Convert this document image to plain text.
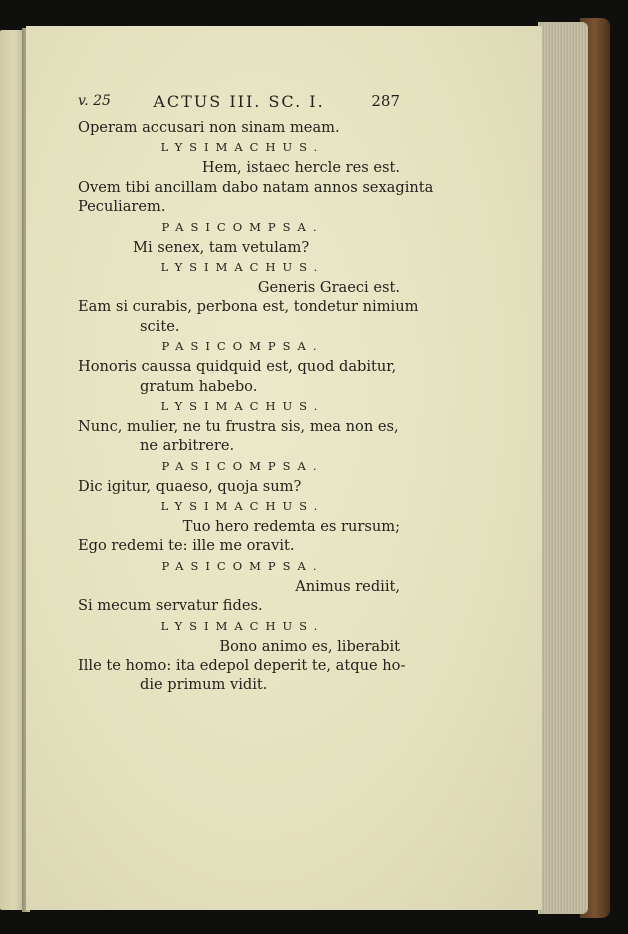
v. 25	ACTUS III. SC. I.	287
Operam accusari non sinam meam.
LYSIMACHUS.
Hem, istaec hercle res est.
Ovem tibi ancillam dabo natam annos sexaginta
Peculiarem.
PASICOMPSA.
Mi senex, tam vetulam?
LYSIMACHUS.
Generis Graeci est.
Eam si curabis, perbona est, tondetur nimium
scite.
PASICOMPSA.
Honoris caussa quidquid est, quod dabitur,
gratum habebo.
LYSIMACHUS.
Nunc, mulier, ne tu frustra sis, mea non es,
ne arbitrere.
PASICOMPSA.
Dic igitur, quaeso, quoja sum?
LYSIMACHUS.
Tuo hero redemta es rursum;
Ego redemi te: ille me oravit.
PASICOMPSA.
Animus rediit,
Si mecum servatur fides.
LYSIMACHUS.
Bono animo es, liberabit
Ille te homo: ita edepol deperit te, atque ho-
die primum vidit.
